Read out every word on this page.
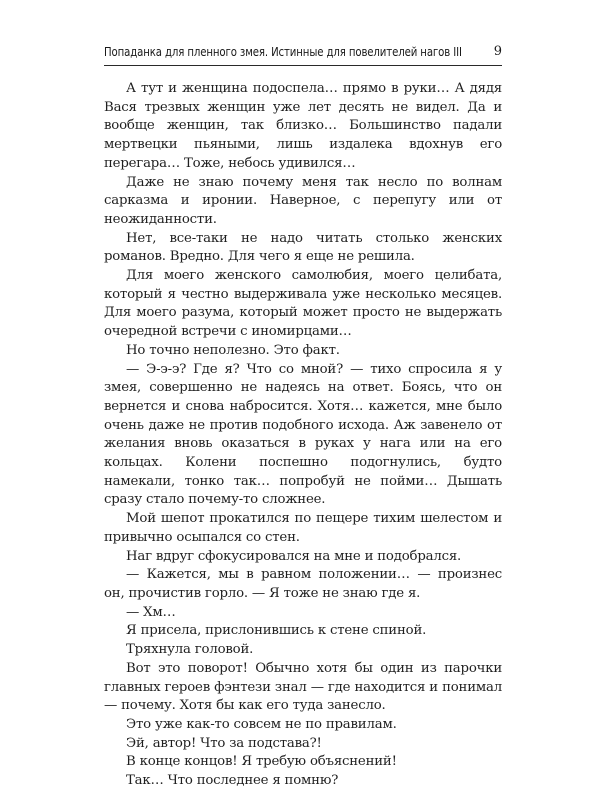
Попаданка для пленного змея. Истинные для повелителей нагов III 9

А тут и женщина подоспела… прямо в руки… А дядя Вася трезвых женщин уже лет десять не видел. Да и вообще женщин, так близко… Большинство падали мертвецки пьяными, лишь издалека вдохнув его перегара… Тоже, небось удивился…

Даже не знаю почему меня так несло по волнам сарказма и иронии. Наверное, с перепугу или от неожиданности.

Нет, все-таки не надо читать столько женских романов. Вредно. Для чего я еще не решила.

Для моего женского самолюбия, моего целибата, который я честно выдерживала уже несколько месяцев. Для моего разума, который может просто не выдержать очередной встречи с иномирцами…

Но точно неполезно. Это факт.

— Э-э-э? Где я? Что со мной? — тихо спросила я у змея, совершенно не надеясь на ответ. Боясь, что он вернется и снова набросится. Хотя… кажется, мне было очень даже не против подобного исхода. Аж завенело от желания вновь оказаться в руках у нага или на его кольцах. Колени поспешно подогнулись, будто намекали, тонко так… попробуй не пойми… Дышать сразу стало почему-то сложнее.

Мой шепот прокатился по пещере тихим шелестом и привычно осыпался со стен.

Наг вдруг сфокусировался на мне и подобрался.

— Кажется, мы в равном положении… — произнес он, прочистив горло. — Я тоже не знаю где я.

— Хм…

Я присела, прислонившись к стене спиной.

Тряхнула головой.

Вот это поворот! Обычно хотя бы один из парочки главных героев фэнтези знал — где находится и понимал — почему. Хотя бы как его туда занесло.

Это уже как-то совсем не по правилам.

Эй, автор! Что за подстава?!

В конце концов! Я требую объяснений!

Так… Что последнее я помню?
